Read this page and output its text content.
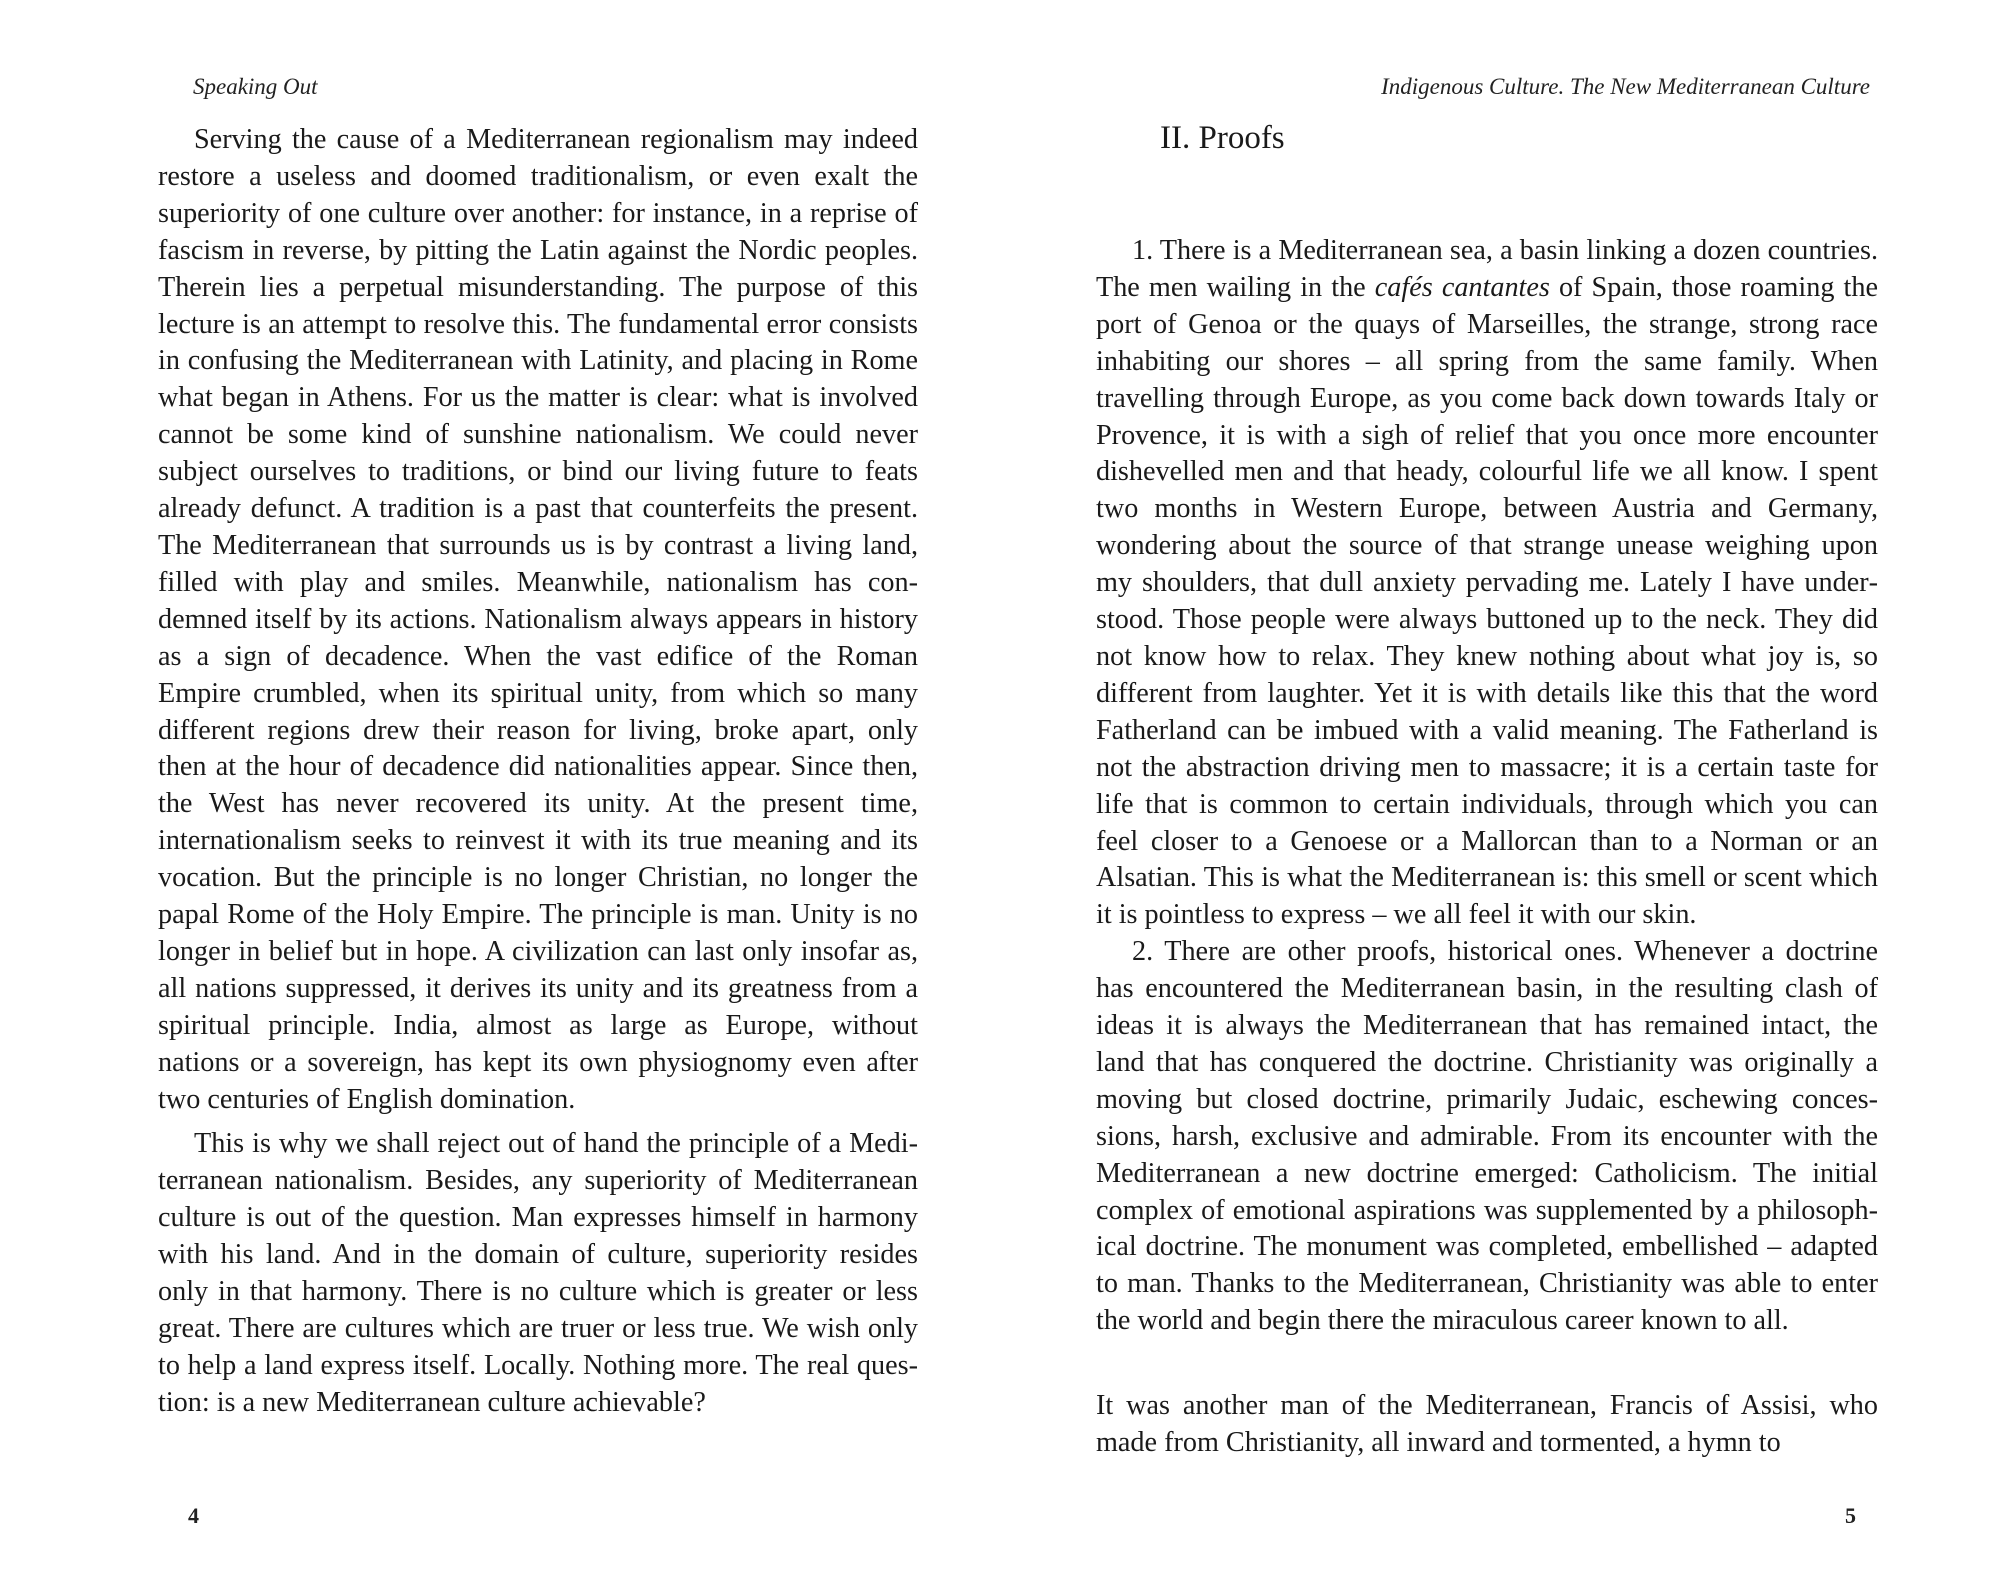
Speaking Out

Serving the cause of a Mediterranean regionalism may indeed restore a useless and doomed traditionalism, or even exalt the superiority of one culture over another: for instance, in a reprise of fascism in reverse, by pitting the Latin against the Nordic peoples. Therein lies a perpetual misunderstanding. The purpose of this lecture is an attempt to resolve this. The fundamental error consists in confusing the Mediterranean with Latinity, and placing in Rome what began in Athens. For us the matter is clear: what is involved cannot be some kind of sunshine nationalism. We could never subject ourselves to traditions, or bind our living future to feats already defunct. A tradition is a past that counterfeits the present. The Mediterranean that surrounds us is by contrast a living land, filled with play and smiles. Meanwhile, nationalism has condemned itself by its actions. Nationalism always appears in history as a sign of decadence. When the vast edifice of the Roman Empire crumbled, when its spiritual unity, from which so many different regions drew their reason for living, broke apart, only then at the hour of decadence did nationalities appear. Since then, the West has never recovered its unity. At the present time, internationalism seeks to reinvest it with its true meaning and its vocation. But the principle is no longer Christian, no longer the papal Rome of the Holy Empire. The principle is man. Unity is no longer in belief but in hope. A civilization can last only insofar as, all nations suppressed, it derives its unity and its greatness from a spiritual principle. India, almost as large as Europe, without nations or a sovereign, has kept its own physiognomy even after two centuries of English domination.

This is why we shall reject out of hand the principle of a Mediterranean nationalism. Besides, any superiority of Mediterranean culture is out of the question. Man expresses himself in harmony with his land. And in the domain of culture, superiority resides only in that harmony. There is no culture which is greater or less great. There are cultures which are truer or less true. We wish only to help a land express itself. Locally. Nothing more. The real question: is a new Mediterranean culture achievable?

4
Indigenous Culture. The New Mediterranean Culture
II. Proofs

1. There is a Mediterranean sea, a basin linking a dozen countries. The men wailing in the cafés cantantes of Spain, those roaming the port of Genoa or the quays of Marseilles, the strange, strong race inhabiting our shores – all spring from the same family. When travelling through Europe, as you come back down towards Italy or Provence, it is with a sigh of relief that you once more encounter dishevelled men and that heady, colourful life we all know. I spent two months in Western Europe, between Austria and Germany, wondering about the source of that strange unease weighing upon my shoulders, that dull anxiety pervading me. Lately I have understood. Those people were always buttoned up to the neck. They did not know how to relax. They knew nothing about what joy is, so different from laughter. Yet it is with details like this that the word Fatherland can be imbued with a valid meaning. The Fatherland is not the abstraction driving men to massacre; it is a certain taste for life that is common to certain individuals, through which you can feel closer to a Genoese or a Mallorcan than to a Norman or an Alsatian. This is what the Mediterranean is: this smell or scent which it is pointless to express – we all feel it with our skin.

2. There are other proofs, historical ones. Whenever a doctrine has encountered the Mediterranean basin, in the resulting clash of ideas it is always the Mediterranean that has remained intact, the land that has conquered the doctrine. Christianity was originally a moving but closed doctrine, primarily Judaic, eschewing concessions, harsh, exclusive and admirable. From its encounter with the Mediterranean a new doctrine emerged: Catholicism. The initial complex of emotional aspirations was supplemented by a philosophical doctrine. The monument was completed, embellished – adapted to man. Thanks to the Mediterranean, Christianity was able to enter the world and begin there the miraculous career known to all.

It was another man of the Mediterranean, Francis of Assisi, who made from Christianity, all inward and tormented, a hymn to

5
